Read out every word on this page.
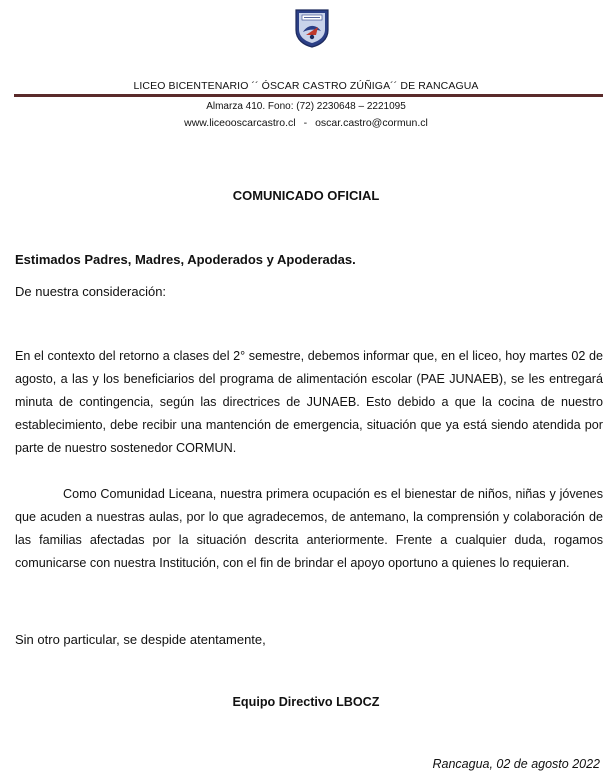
LICEO BICENTENARIO ´´ ÓSCAR CASTRO ZÚÑIGA´´ DE RANCAGUA
Almarza 410. Fono: (72) 2230648 – 2221095
www.liceooscarcastro.cl - oscar.castro@cormun.cl
COMUNICADO OFICIAL
Estimados Padres, Madres, Apoderados y Apoderadas.
De nuestra consideración:

En el contexto del retorno a clases del 2° semestre, debemos informar que, en el liceo, hoy martes 02 de agosto, a las y los beneficiarios del programa de alimentación escolar (PAE JUNAEB), se les entregará minuta de contingencia, según las directrices de JUNAEB. Esto debido a que la cocina de nuestro establecimiento, debe recibir una mantención de emergencia, situación que ya está siendo atendida por parte de nuestro sostenedor CORMUN.

Como Comunidad Liceana, nuestra primera ocupación es el bienestar de niños, niñas y jóvenes que acuden a nuestras aulas, por lo que agradecemos, de antemano, la comprensión y colaboración de las familias afectadas por la situación descrita anteriormente. Frente a cualquier duda, rogamos comunicarse con nuestra Institución, con el fin de brindar el apoyo oportuno a quienes lo requieran.

Sin otro particular, se despide atentamente,
Equipo Directivo LBOCZ
Rancagua, 02 de agosto 2022
